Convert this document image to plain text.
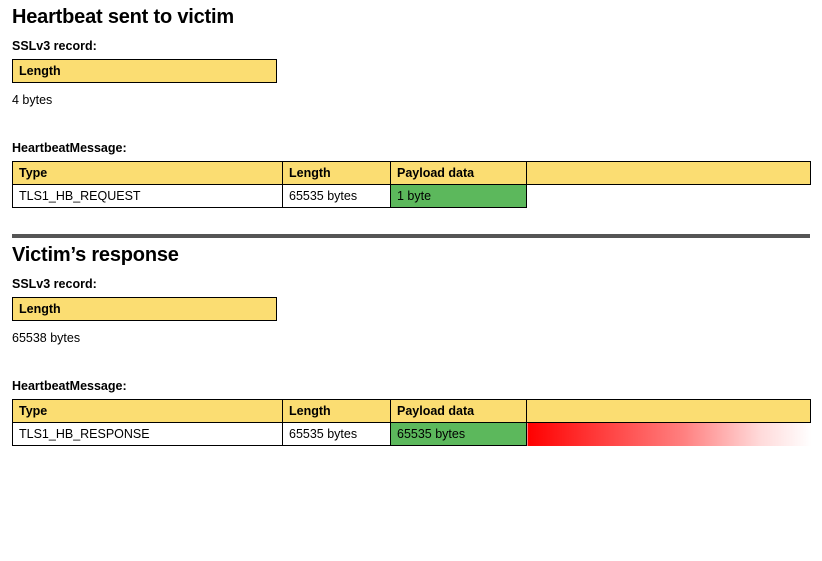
Heartbeat sent to victim
SSLv3 record:
Length
4 bytes
HeartbeatMessage:
Type	Length	Payload data	
TLS1_HB_REQUEST	65535 bytes	1 byte	
Victim’s response
SSLv3 record:
Length
65538 bytes
HeartbeatMessage:
Type	Length	Payload data	
TLS1_HB_RESPONSE	65535 bytes	65535 bytes	
